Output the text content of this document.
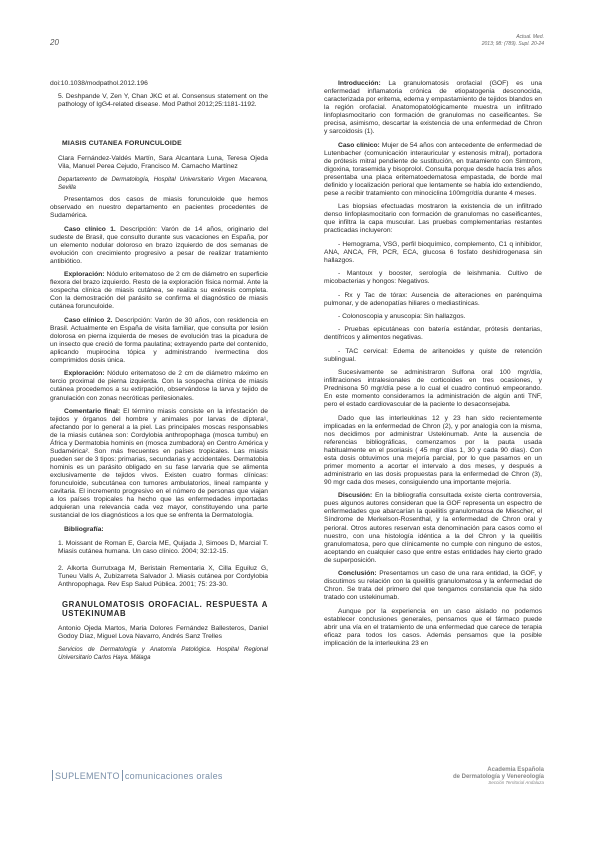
20
Actual. Med.
2013; 98: (789). Supl. 20-24

doi:10.1038/modpathol.2012.196

5. Deshpande V, Zen Y, Chan JKC et al. Consensus statement on the pathology of IgG4-related disease. Mod Pathol 2012;25:1181-1192.

MIASIS CUTANEA FORUNCULOIDE

Clara Fernández-Valdés Martín, Sara Alcantara Luna, Teresa Ojeda Vila, Manuel Perea Cejudo, Francisco M. Camacho Martínez

Departamento de Dermatología, Hospital Universitario Virgen Macarena, Sevilla

Presentamos dos casos de miasis forunculoide que hemos observado en nuestro departamento en pacientes procedentes de Sudamérica.

Caso clínico 1. Descripción: Varón de 14 años, originario del sudeste de Brasil, que consulto durante sus vacaciones en España, por un elemento nodular doloroso en brazo izquierdo de dos semanas de evolución con crecimiento progresivo a pesar de realizar tratamiento antibiótico.

Exploración: Nódulo eritematoso de 2 cm de diámetro en superficie flexora del brazo izquierdo. Resto de la exploración física normal. Ante la sospecha clínica de miasis cutánea, se realiza su exéresis completa. Con la demostración del parásito se confirma el diagnóstico de miasis cutánea forunculoide.

Caso clínico 2. Descripción: Varón de 30 años, con residencia en Brasil. Actualmente en España de visita familiar, que consulta por lesión dolorosa en pierna izquierda de meses de evolución tras la picadura de un insecto que creció de forma paulatina; extrayendo parte del contenido, aplicando mupirocina tópica y administrando ivermectina dos comprimidos dosis única.

Exploración: Nódulo eritematoso de 2 cm de diámetro máximo en tercio proximal de pierna izquierda. Con la sospecha clínica de miasis cutánea procedemos a su extirpación, observándose la larva y tejido de granulación con zonas necróticas perilesionales.

Comentario final: El término miasis consiste en la infestación de tejidos y órganos del hombre y animales por larvas de díptera¹, afectando por lo general a la piel. Las principales moscas responsables de la miasis cutánea son: Cordylobia anthropophaga (mosca tumbu) en África y Dermatobia hominis en (mosca zumbadora) en Centro América y Sudamérica². Son más frecuentes en países tropicales. Las miasis pueden ser de 3 tipos: primarias, secundarias y accidentales. Dermatobia hominis es un parásito obligado en su fase larvaria que se alimenta exclusivamente de tejidos vivos. Existen cuatro formas clínicas: forunculoide, subcutánea con tumores ambulatorios, lineal rampante y cavitaria. El incremento progresivo en el número de personas que viajan a los países tropicales ha hecho que las enfermedades importadas adquieran una relevancia cada vez mayor, constituyendo una parte sustancial de los diagnósticos a los que se enfrenta la Dermatología.

Bibliografía:

1. Moissant de Roman E, García ME, Quijada J, Simoes D, Marcial T. Miasis cutánea humana. Un caso clínico. 2004; 32:12-15.

2. Alkorta Gurrutxaga M, Beristain Rementaria X, Cilla Eguiluz G, Tuneu Valls A, Zubizarreta Salvador J. Miasis cutánea por Cordylobia Anthropophaga. Rev Esp Salud Pública. 2001; 75: 23-30.

GRANULOMATOSIS OROFACIAL. RESPUESTA A USTEKINUMAB

Antonio Ojeda Martos, Maria Dolores Fernández Ballesteros, Daniel Godoy Díaz, Miguel Lova Navarro, Andrés Sanz Trelles

Servicios de Dermatología y Anatomía Patológica. Hospital Regional Universitario Carlos Haya. Málaga

Introducción: La granulomatosis orofacial (GOF) es una enfermedad inflamatoria crónica de etiopatogenia desconocida, caracterizada por eritema, edema y empastamiento de tejidos blandos en la región orofacial. Anatomopatológicamente muestra un infiltrado linfoplasmocitario con formación de granulomas no caseificantes. Se precisa, asimismo, descartar la existencia de una enfermedad de Chron y sarcoidosis (1).

Caso clínico: Mujer de 54 años con antecedente de enfermedad de Lutenbacher (comunicación interauricular y estenosis mitral), portadora de prótesis mitral pendiente de sustitución, en tratamiento con Simtrom, digoxina, torasemida y bisoprolol. Consulta porque desde hacía tres años presentaba una placa eritematoedematosa empastada, de borde mal definido y localización perioral que lentamente se había ido extendiendo, pese a recibir tratamiento con minociclina 100mgr/día durante 4 meses.

Las biopsias efectuadas mostraron la existencia de un infiltrado denso linfoplasmocitario con formación de granulomas no caseificantes, que infiltra la capa muscular. Las pruebas complementarias restantes practicadas incluyeron:

- Hemograma, VSG, perfil bioquímico, complemento, C1 q inhibidor, ANA, ANCA, FR, PCR, ECA, glucosa 6 fosfato deshidrogenasa sin hallazgos.

- Mantoux y booster, serología de leishmania. Cultivo de micobacterias y hongos: Negativos.

- Rx y Tac de tórax: Ausencia de alteraciones en parénquima pulmonar, y de adenopatías hiliares o mediastínicas.

- Colonoscopia y anuscopia: Sin hallazgos.

- Pruebas epicutáneas con batería estándar, prótesis dentarias, dentífricos y alimentos negativas.

- TAC cervical: Edema de aritenoides y quiste de retención sublingual.

Sucesivamente se administraron Sulfona oral 100 mgr/día, infiltraciones intralesionales de corticoides en tres ocasiones, y Prednisona 50 mgr/día pese a lo cual el cuadro continuó empeorando. En este momento consideramos la administración de algún anti TNF, pero el estado cardiovascular de la paciente lo desaconsejaba.

Dado que las interleukinas 12 y 23 han sido recientemente implicadas en la enfermedad de Chron (2), y por analogía con la misma, nos decidimos por administrar Ustekinumab. Ante la ausencia de referencias bibliográficas, comenzamos por la pauta usada habitualmente en el psoriasis ( 45 mgr días 1, 30 y cada 90 días). Con esta dosis obtuvimos una mejoría parcial, por lo que pasamos en un primer momento a acortar el intervalo a dos meses, y después a administrarlo en las dosis propuestas para la enfermedad de Chron (3), 90 mgr cada dos meses, consiguiendo una importante mejoría.

Discusión: En la bibliografía consultada existe cierta controversia, pues algunos autores consideran que la GOF representa un espectro de enfermedades que abarcarían la queilitis granulomatosa de Miescher, el Síndrome de Merkelson-Rosenthal, y la enfermedad de Chron oral y perioral. Otros autores reservan esta denominación para casos como el nuestro, con una histología idéntica a la del Chron y la queilitis granulomatosa, pero que clínicamente no cumple con ninguno de estos, aceptando en cualquier caso que entre estas entidades hay cierto grado de superposición.

Conclusión: Presentamos un caso de una rara entidad, la GOF, y discutimos su relación con la queilitis granulomatosa y la enfermedad de Chron. Se trata del primero del que tengamos constancia que ha sido tratado con ustekinumab.

Aunque por la experiencia en un caso aislado no podemos establecer conclusiones generales, pensamos que el fármaco puede abrir una vía en el tratamiento de una enfermedad que carece de terapia eficaz para todos los casos. Además pensamos que la posible implicación de la interleukina 23 en

SUPLEMENTO comunicaciones orales
Academia Española
de Dermatología y Venereología
Sección Territorial Andaluza
